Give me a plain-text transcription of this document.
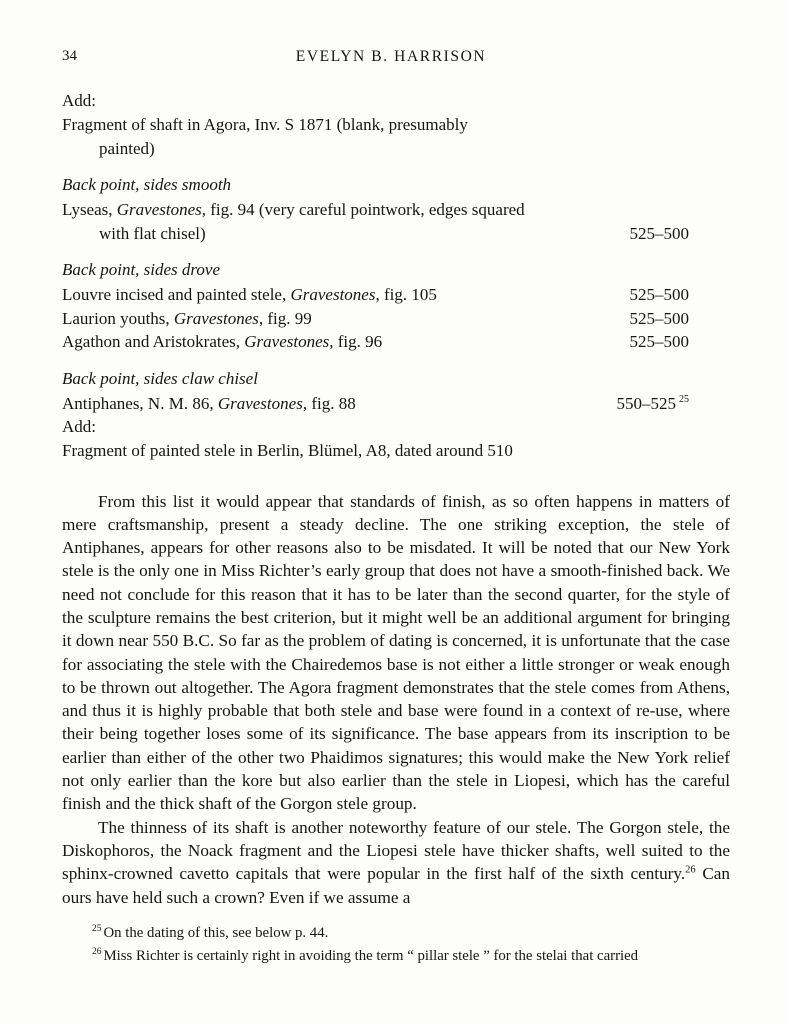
34	EVELYN B. HARRISON
Add:
Fragment of shaft in Agora, Inv. S 1871 (blank, presumably
painted)
Back point, sides smooth
Lyseas, Gravestones, fig. 94 (very careful pointwork, edges squared
with flat chisel)	525–500
Back point, sides drove
Louvre incised and painted stele, Gravestones, fig. 105	525–500
Laurion youths, Gravestones, fig. 99	525–500
Agathon and Aristokrates, Gravestones, fig. 96	525–500
Back point, sides claw chisel
Antiphanes, N. M. 86, Gravestones, fig. 88	550–525 $^{25}$
Add:
Fragment of painted stele in Berlin, Blümel, A8, dated around 510

From this list it would appear that standards of finish, as so often happens in matters of mere craftsmanship, present a steady decline. The one striking exception, the stele of Antiphanes, appears for other reasons also to be misdated. It will be noted that our New York stele is the only one in Miss Richter’s early group that does not have a smooth-finished back. We need not conclude for this reason that it has to be later than the second quarter, for the style of the sculpture remains the best criterion, but it might well be an additional argument for bringing it down near 550 B.C. So far as the problem of dating is concerned, it is unfortunate that the case for associating the stele with the Chairedemos base is not either a little stronger or weak enough to be thrown out altogether. The Agora fragment demonstrates that the stele comes from Athens, and thus it is highly probable that both stele and base were found in a context of re-use, where their being together loses some of its significance. The base appears from its inscription to be earlier than either of the other two Phaidimos signatures; this would make the New York relief not only earlier than the kore but also earlier than the stele in Liopesi, which has the careful finish and the thick shaft of the Gorgon stele group.

The thinness of its shaft is another noteworthy feature of our stele. The Gorgon stele, the Diskophoros, the Noack fragment and the Liopesi stele have thicker shafts, well suited to the sphinx-crowned cavetto capitals that were popular in the first half of the sixth century.$^{26}$ Can ours have held such a crown? Even if we assume a

$^{25}$ On the dating of this, see below p. 44.

$^{26}$ Miss Richter is certainly right in avoiding the term “ pillar stele ” for the stelai that carried
